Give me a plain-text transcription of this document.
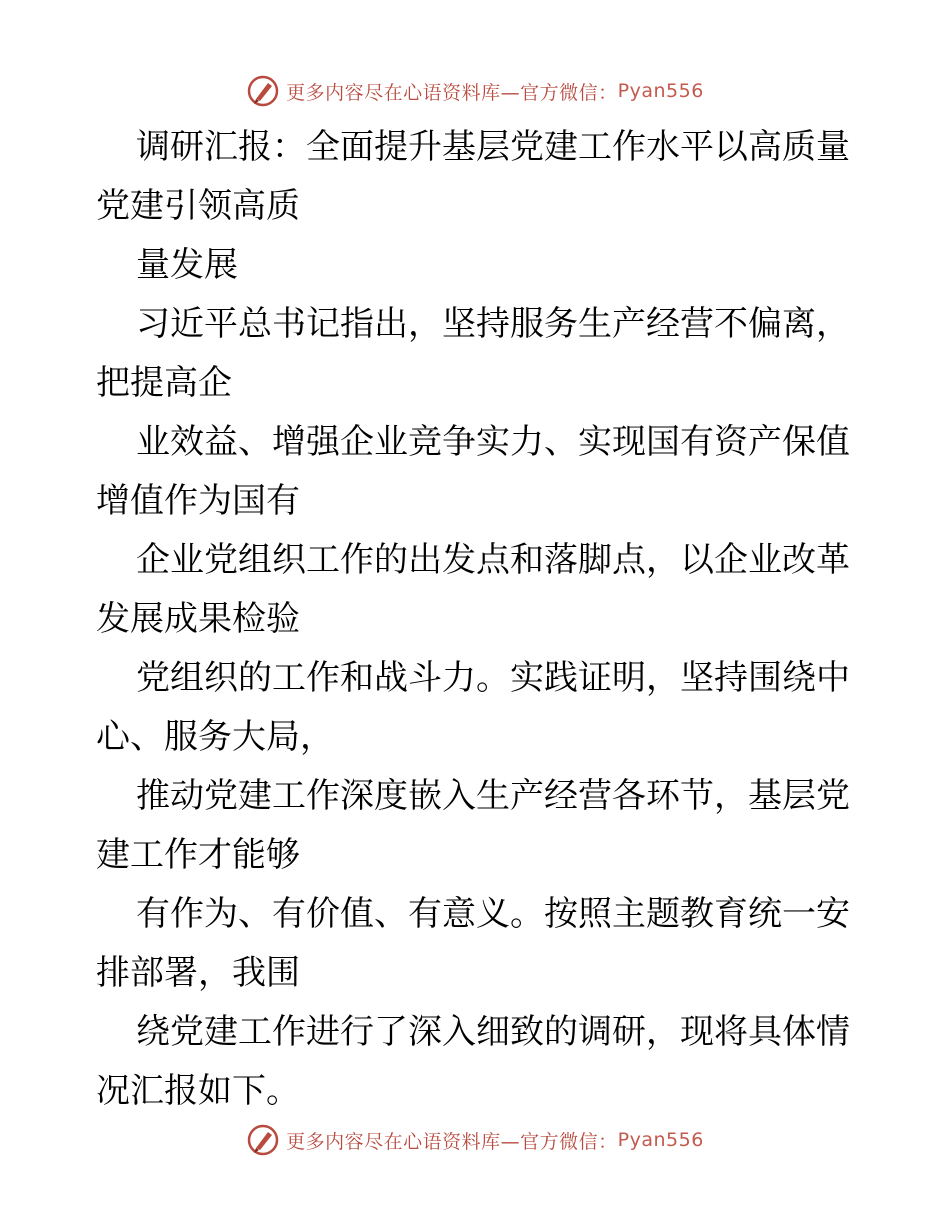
更多内容尽在心语资料库—官方微信： Pyan556

调研汇报：全面提升基层党建工作水平以高质量

党建引领高质

量发展

习近平总书记指出，坚持服务生产经营不偏离，

把提高企

业效益、增强企业竞争实力、实现国有资产保值

增值作为国有

企业党组织工作的出发点和落脚点，以企业改革

发展成果检验

党组织的工作和战斗力。实践证明，坚持围绕中

心、服务大局，

推动党建工作深度嵌入生产经营各环节，基层党

建工作才能够

有作为、有价值、有意义。按照主题教育统一安

排部署，我围

绕党建工作进行了深入细致的调研，现将具体情

况汇报如下。

更多内容尽在心语资料库—官方微信： Pyan556
